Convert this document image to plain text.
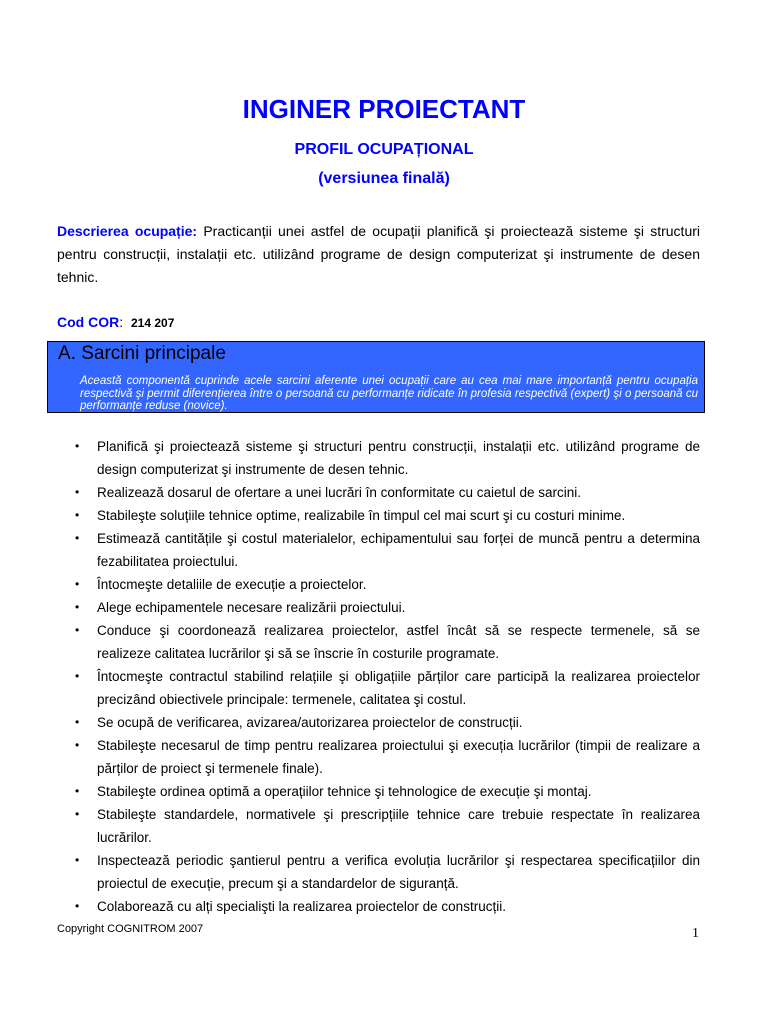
INGINER PROIECTANT
PROFIL OCUPAȚIONAL
(versiunea finală)

Descrierea ocupație: Practicanții unei astfel de ocupații planifică şi proiectează sisteme şi structuri pentru construcții, instalații etc. utilizând programe de design computerizat şi instrumente de desen tehnic.

Cod COR: 214 207
A. Sarcini principale

Această componentă cuprinde acele sarcini aferente unei ocupații care au cea mai mare importanță pentru ocupația respectivă şi permit diferențierea între o persoană cu performanțe ridicate în profesia respectivă (expert) şi o persoană cu performanțe reduse (novice).

• Planifică şi proiectează sisteme şi structuri pentru construcții, instalații etc. utilizând programe de design computerizat şi instrumente de desen tehnic.
• Realizează dosarul de ofertare a unei lucrări în conformitate cu caietul de sarcini.
• Stabileşte soluțiile tehnice optime, realizabile în timpul cel mai scurt şi cu costuri minime.
• Estimează cantitățile şi costul materialelor, echipamentului sau forței de muncă pentru a determina fezabilitatea proiectului.
• Întocmeşte detaliile de execuție a proiectelor.
• Alege echipamentele necesare realizării proiectului.
• Conduce şi coordonează realizarea proiectelor, astfel încât să se respecte termenele, să se realizeze calitatea lucrărilor şi să se înscrie în costurile programate.
• Întocmeşte contractul stabilind relațiile şi obligațiile părților care participă la realizarea proiectelor precizând obiectivele principale: termenele, calitatea şi costul.
• Se ocupă de verificarea, avizarea/autorizarea proiectelor de construcții.
• Stabileşte necesarul de timp pentru realizarea proiectului şi execuția lucrărilor (timpii de realizare a părților de proiect şi termenele finale).
• Stabileşte ordinea optimă a operațiilor tehnice şi tehnologice de execuție şi montaj.
• Stabileşte standardele, normativele şi prescripțiile tehnice care trebuie respectate în realizarea lucrărilor.
• Inspectează periodic şantierul pentru a verifica evoluția lucrărilor şi respectarea specificațiilor din proiectul de execuție, precum şi a standardelor de siguranță.
• Colaborează cu alți specialişti la realizarea proiectelor de construcții.
Copyright COGNITROM 2007	1
